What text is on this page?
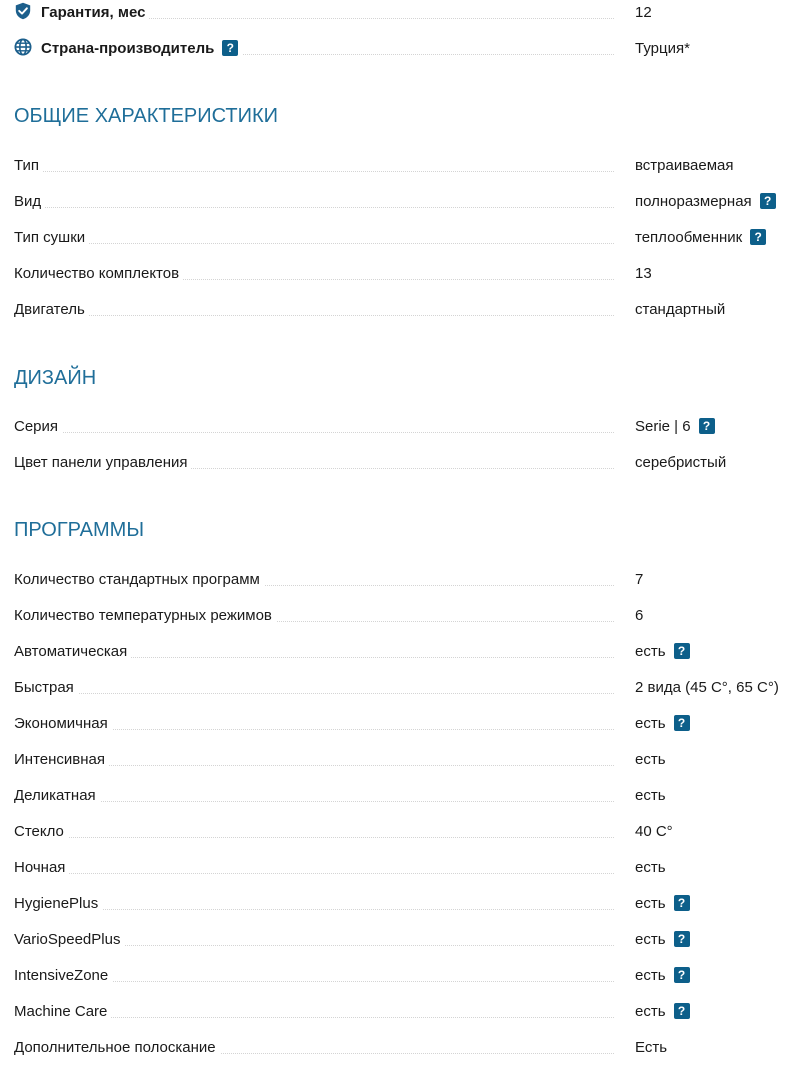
Гарантия, мес	12
Страна-производитель ?	Турция*
ОБЩИЕ ХАРАКТЕРИСТИКИ
Тип	встраиваемая
Вид	полноразмерная ?
Тип сушки	теплообменник ?
Количество комплектов	13
Двигатель	стандартный
ДИЗАЙН
Серия	Serie | 6 ?
Цвет панели управления	серебристый
ПРОГРАММЫ
Количество стандартных программ	7
Количество температурных режимов	6
Автоматическая	есть ?
Быстрая	2 вида (45 C°, 65 C°)
Экономичная	есть ?
Интенсивная	есть
Деликатная	есть
Стекло	40 C°
Ночная	есть
HygienePlus	есть ?
VarioSpeedPlus	есть ?
IntensiveZone	есть ?
Machine Care	есть ?
Дополнительное полоскание	Есть
